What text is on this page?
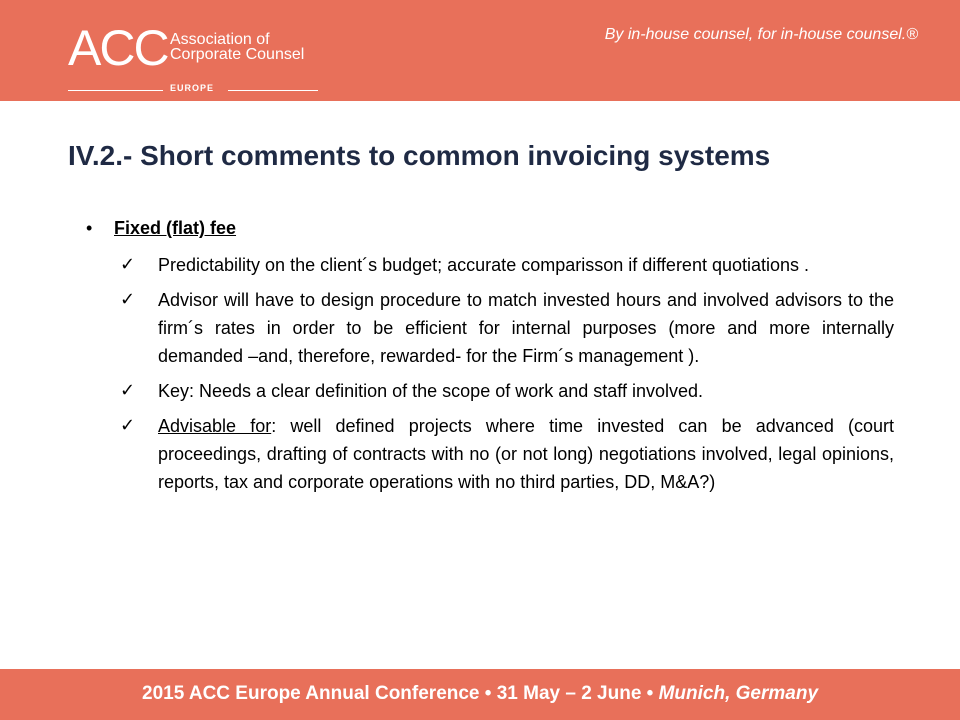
ACC Association of
Corporate Counsel
EUROPE
By in-house counsel, for in-house counsel.®
IV.2.- Short comments to common invoicing systems
• Fixed (flat) fee
✓ Predictability on the client´s budget; accurate comparisson if different quotiations .
✓ Advisor will have to design procedure to match invested hours and involved advisors to the firm´s rates in order to be efficient for internal purposes (more and more internally demanded –and, therefore, rewarded- for the Firm´s management ).
✓ Key: Needs a clear definition of the scope of work and staff involved.
✓ Advisable for: well defined projects where time invested can be advanced (court proceedings, drafting of contracts with no (or not long) negotiations involved, legal opinions, reports, tax and corporate operations with no third parties, DD, M&A?)
2015 ACC Europe Annual Conference • 31 May – 2 June • Munich, Germany
